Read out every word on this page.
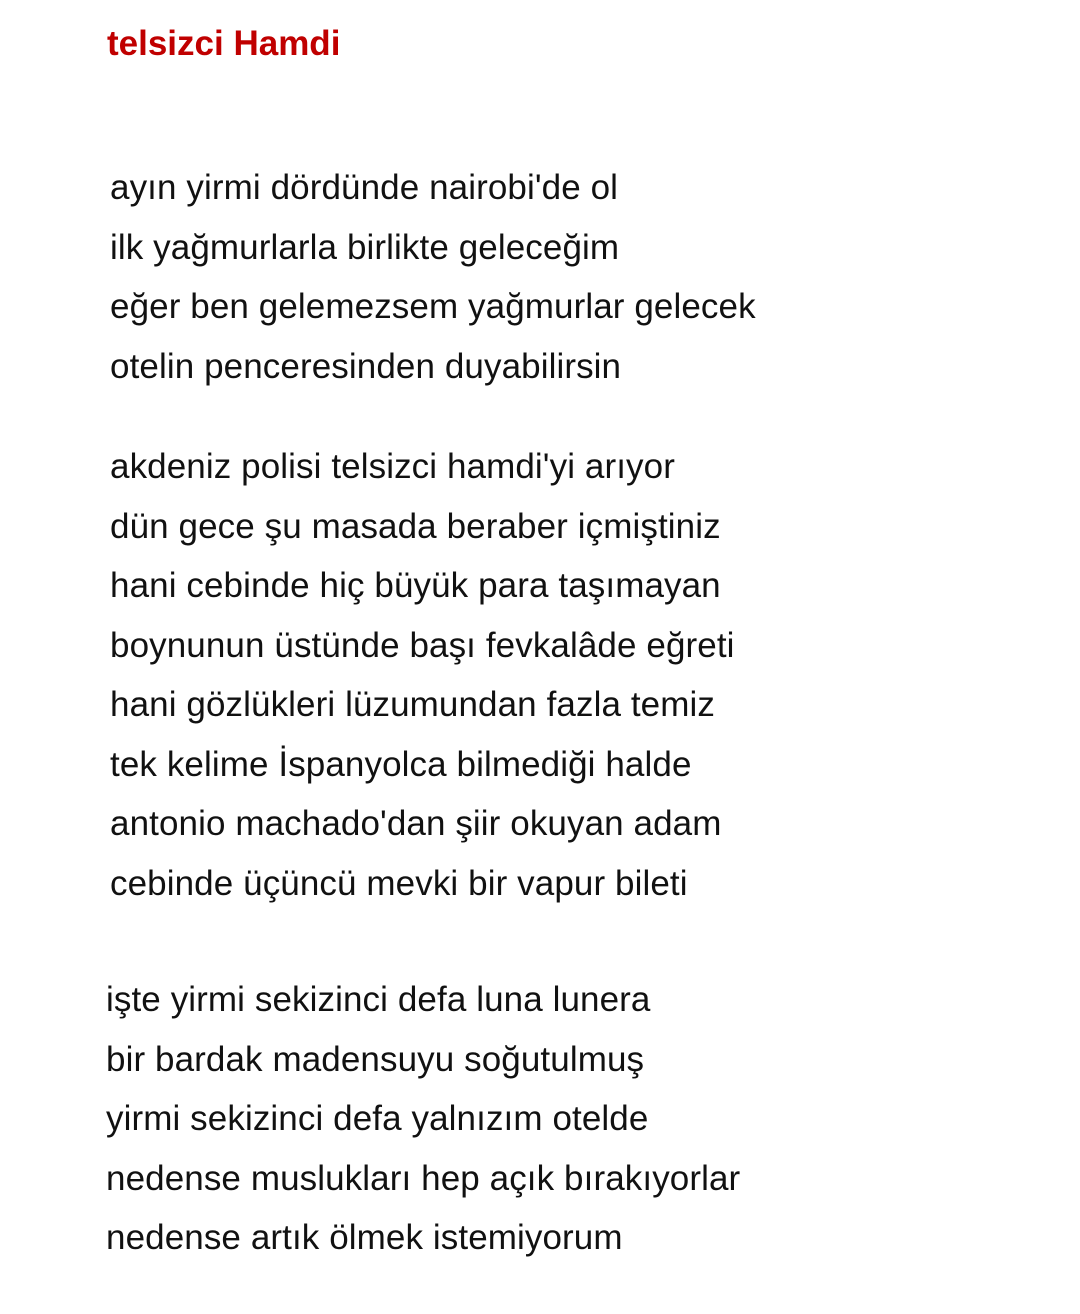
telsizci Hamdi
ayın yirmi dördünde nairobi'de ol
ilk yağmurlarla birlikte geleceğim
eğer ben gelemezsem yağmurlar gelecek
otelin penceresinden duyabilirsin
akdeniz polisi telsizci hamdi'yi arıyor
dün gece şu masada beraber içmiştiniz
hani cebinde hiç büyük para taşımayan
boynunun üstünde başı fevkalâde eğreti
hani gözlükleri lüzumundan fazla temiz
tek kelime İspanyolca bilmediği halde
antonio machado'dan şiir okuyan adam
cebinde üçüncü mevki bir vapur bileti
işte yirmi sekizinci defa luna lunera
bir bardak madensuyu soğutulmuş
yirmi sekizinci defa yalnızım otelde
nedense muslukları hep açık bırakıyorlar
nedense artık ölmek istemiyorum
